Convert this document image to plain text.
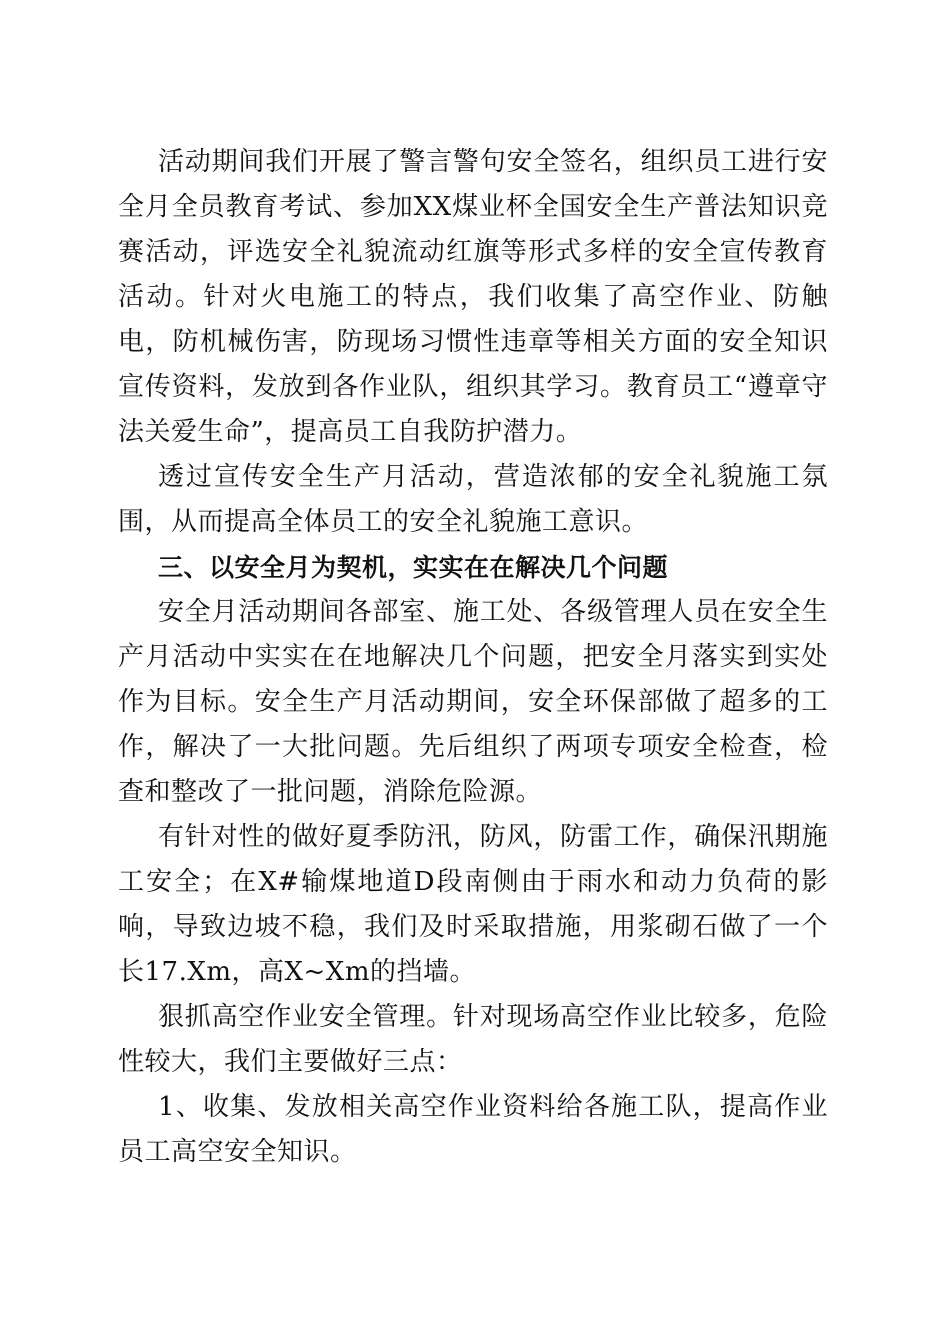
活动期间我们开展了警言警句安全签名，组织员工进行安全月全员教育考试、参加XX煤业杯全国安全生产普法知识竞赛活动，评选安全礼貌流动红旗等形式多样的安全宣传教育活动。针对火电施工的特点，我们收集了高空作业、防触电，防机械伤害，防现场习惯性违章等相关方面的安全知识宣传资料，发放到各作业队，组织其学习。教育员工“遵章守法关爱生命”，提高员工自我防护潜力。

透过宣传安全生产月活动，营造浓郁的安全礼貌施工氛围，从而提高全体员工的安全礼貌施工意识。

三、以安全月为契机，实实在在解决几个问题

安全月活动期间各部室、施工处、各级管理人员在安全生产月活动中实实在在地解决几个问题，把安全月落实到实处作为目标。安全生产月活动期间，安全环保部做了超多的工作，解决了一大批问题。先后组织了两项专项安全检查，检查和整改了一批问题，消除危险源。

有针对性的做好夏季防汛，防风，防雷工作，确保汛期施工安全；在X#输煤地道D段南侧由于雨水和动力负荷的影响，导致边坡不稳，我们及时采取措施，用浆砌石做了一个长17.Xm，高X~Xm的挡墙。

狠抓高空作业安全管理。针对现场高空作业比较多，危险性较大，我们主要做好三点：

1、收集、发放相关高空作业资料给各施工队，提高作业员工高空安全知识。
